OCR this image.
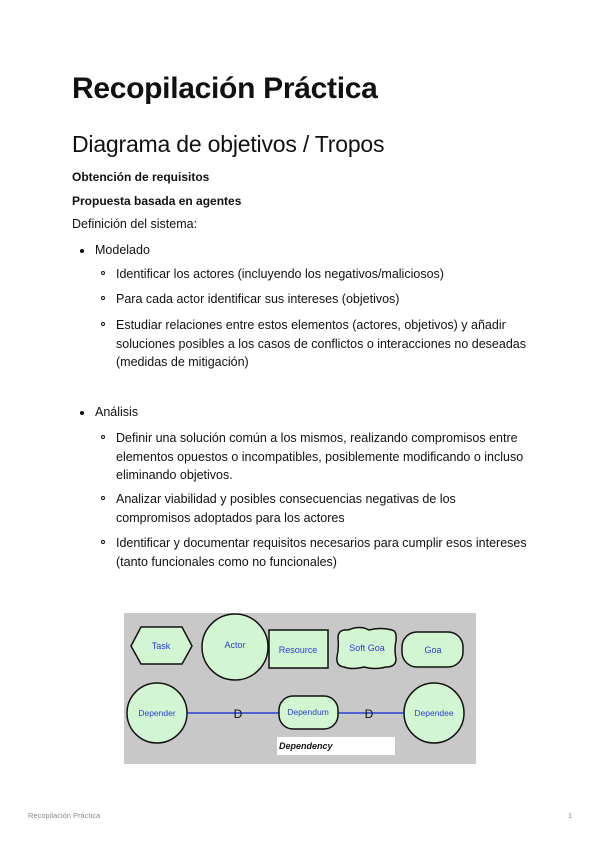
Recopilación Práctica
Diagrama de objetivos / Tropos
Obtención de requisitos
Propuesta basada en agentes
Definición del sistema:
Modelado
Identificar los actores (incluyendo los negativos/maliciosos)
Para cada actor identificar sus intereses (objetivos)
Estudiar relaciones entre estos elementos (actores, objetivos) y añadir soluciones posibles a los casos de conflictos o interacciones no deseadas (medidas de mitigación)
Análisis
Definir una solución común a los mismos, realizando compromisos entre elementos opuestos o incompatibles, posiblemente modificando o incluso eliminando objetivos.
Analizar viabilidad y posibles consecuencias negativas de los compromisos adoptados para los actores
Identificar y documentar requisitos necesarios para cumplir esos intereses (tanto funcionales como no funcionales)
Task	Actor	Resource	Soft Goa	Goa
D	D
Depender	Dependum	Dependee
Dependency
Recopilación Práctica	1
